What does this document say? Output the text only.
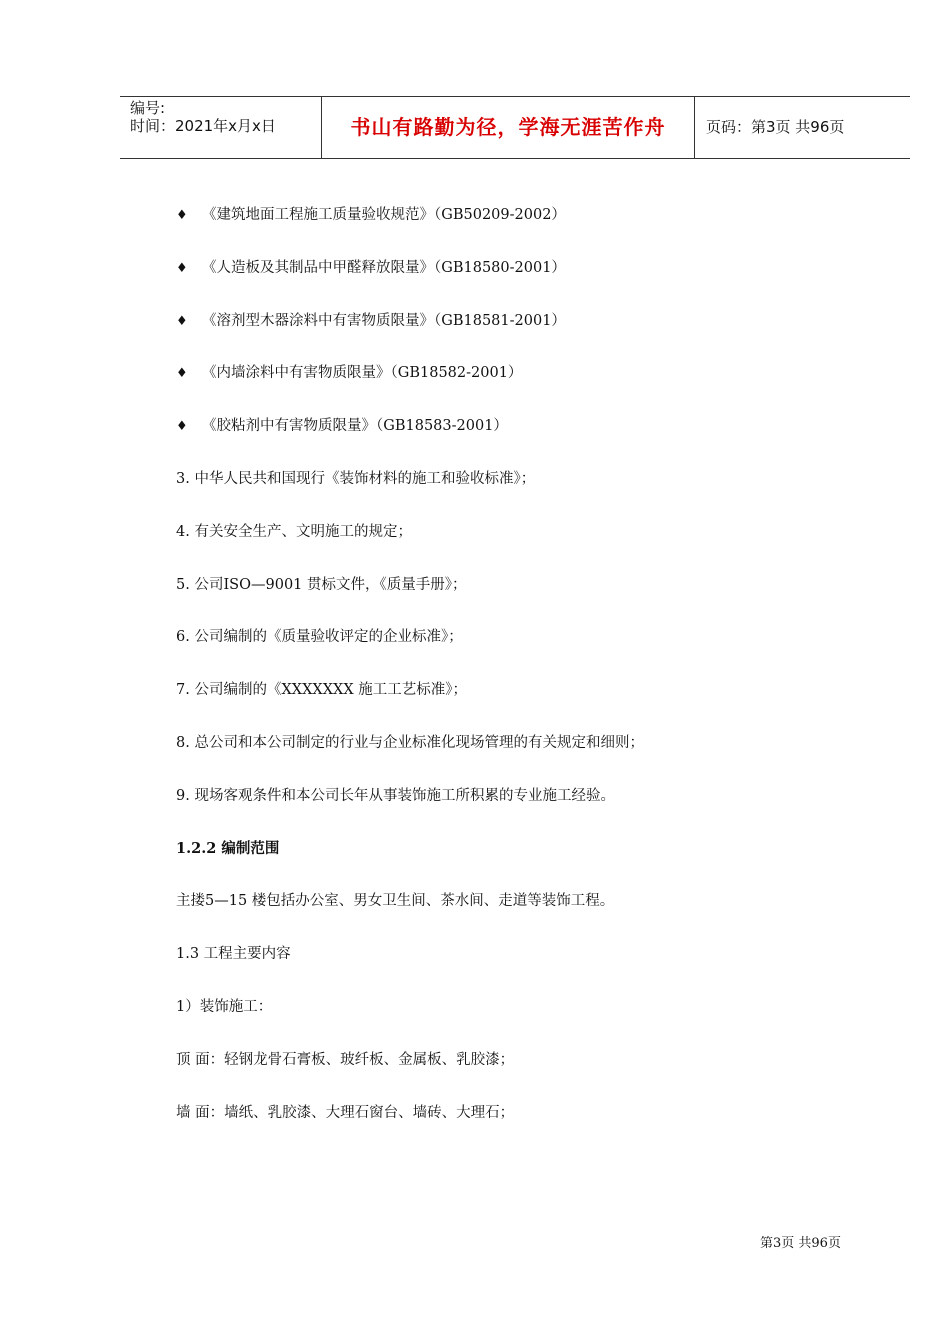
编号:
时间：2021年x月x日	书山有路勤为径，学海无涯苦作舟	页码：第3页 共96页
♦ 《建筑地面工程施工质量验收规范》（GB50209-2002）
♦ 《人造板及其制品中甲醛释放限量》（GB18580-2001）
♦ 《溶剂型木器涂料中有害物质限量》（GB18581-2001）
♦ 《内墙涂料中有害物质限量》（GB18582-2001）
♦ 《胶粘剂中有害物质限量》（GB18583-2001）
3. 中华人民共和国现行《装饰材料的施工和验收标准》；
4. 有关安全生产、文明施工的规定；
5. 公司ISO—9001 贯标文件，《质量手册》；
6. 公司编制的《质量验收评定的企业标准》；
7. 公司编制的《XXXXXXX 施工工艺标准》；
8. 总公司和本公司制定的行业与企业标准化现场管理的有关规定和细则；
9. 现场客观条件和本公司长年从事装饰施工所积累的专业施工经验。
1.2.2 编制范围
主搂5—15 楼包括办公室、男女卫生间、茶水间、走道等装饰工程。
1.3 工程主要内容
1）装饰施工：
顶 面：轻钢龙骨石膏板、玻纤板、金属板、乳胶漆；
墙 面：墙纸、乳胶漆、大理石窗台、墙砖、大理石；
第3页 共96页
